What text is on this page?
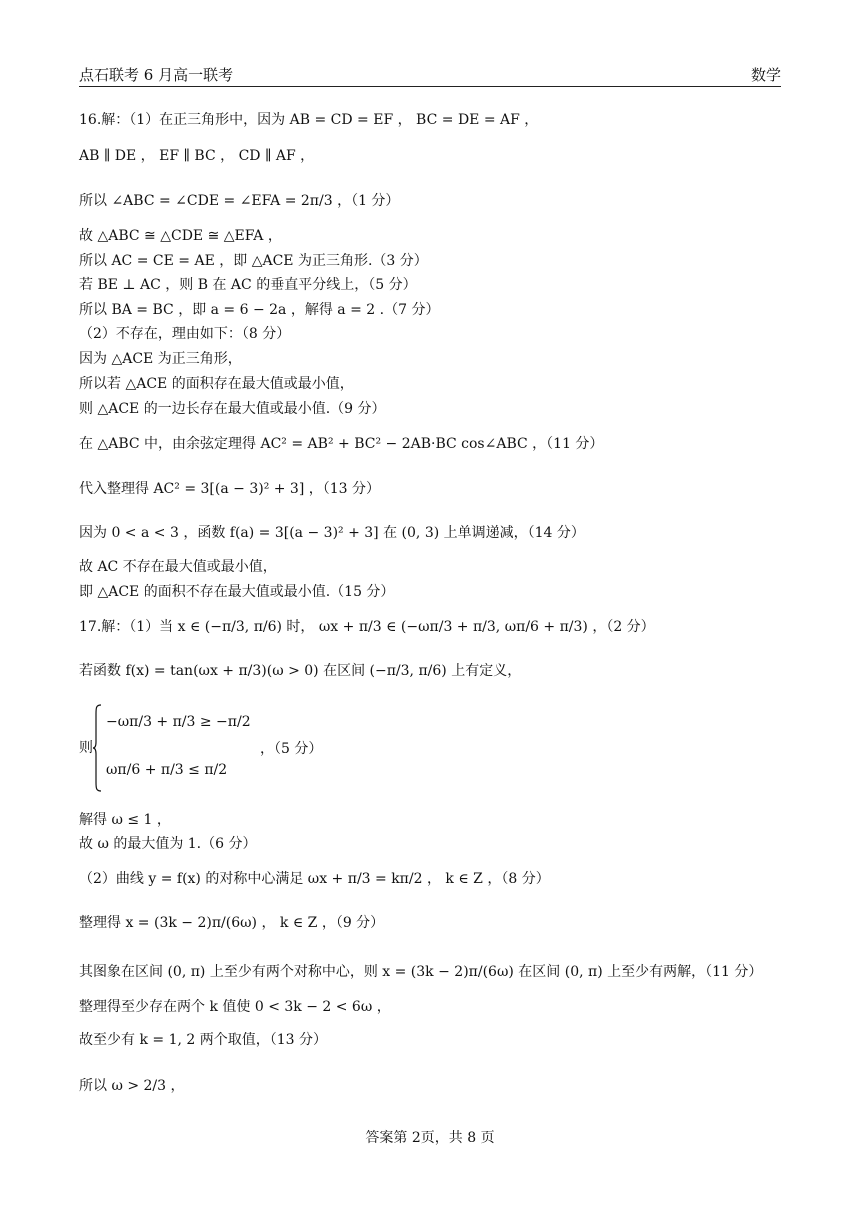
点石联考 6 月高一联考	数学
16.解：（1）在正三角形中，因为 AB = CD = EF ， BC = DE = AF ，
AB ∥ DE ， EF ∥ BC ， CD ∥ AF ，
所以 ∠ABC = ∠CDE = ∠EFA = 2π/3 ，（1 分）
故 △ABC ≅ △CDE ≅ △EFA ，
所以 AC = CE = AE ，即 △ACE 为正三角形.（3 分）
若 BE ⊥ AC ，则 B 在 AC 的垂直平分线上，（5 分）
所以 BA = BC ，即 a = 6 − 2a ，解得 a = 2 .（7 分）
（2）不存在，理由如下：（8 分）
因为 △ACE 为正三角形，
所以若 △ACE 的面积存在最大值或最小值，
则 △ACE 的一边长存在最大值或最小值.（9 分）
在 △ABC 中，由余弦定理得 AC² = AB² + BC² − 2AB·BC cos∠ABC ，（11 分）
代入整理得 AC² = 3[(a − 3)² + 3] ，（13 分）
因为 0 < a < 3 ，函数 f(a) = 3[(a − 3)² + 3] 在 (0, 3) 上单调递减，（14 分）
故 AC 不存在最大值或最小值，
即 △ACE 的面积不存在最大值或最小值.（15 分）
17.解：（1）当 x ∈ (−π/3, π/6) 时， ωx + π/3 ∈ (−ωπ/3 + π/3, ωπ/6 + π/3) ，（2 分）
若函数 f(x) = tan(ωx + π/3)(ω > 0) 在区间 (−π/3, π/6) 上有定义，
则
解得 ω ≤ 1 ，
故 ω 的最大值为 1.（6 分）
（2）曲线 y = f(x) 的对称中心满足 ωx + π/3 = kπ/2 ， k ∈ Z ，（8 分）
整理得 x = (3k − 2)π/(6ω) ， k ∈ Z ，（9 分）
其图象在区间 (0, π) 上至少有两个对称中心，则 x = (3k − 2)π/(6ω) 在区间 (0, π) 上至少有两解，（11 分）
整理得至少存在两个 k 值使 0 < 3k − 2 < 6ω ，
故至少有 k = 1, 2 两个取值，（13 分）
所以 ω > 2/3 ，
−ωπ/3 + π/3 ≥ −π/2
ωπ/6 + π/3 ≤ π/2
，（5 分）
答案第 2页，共 8 页
